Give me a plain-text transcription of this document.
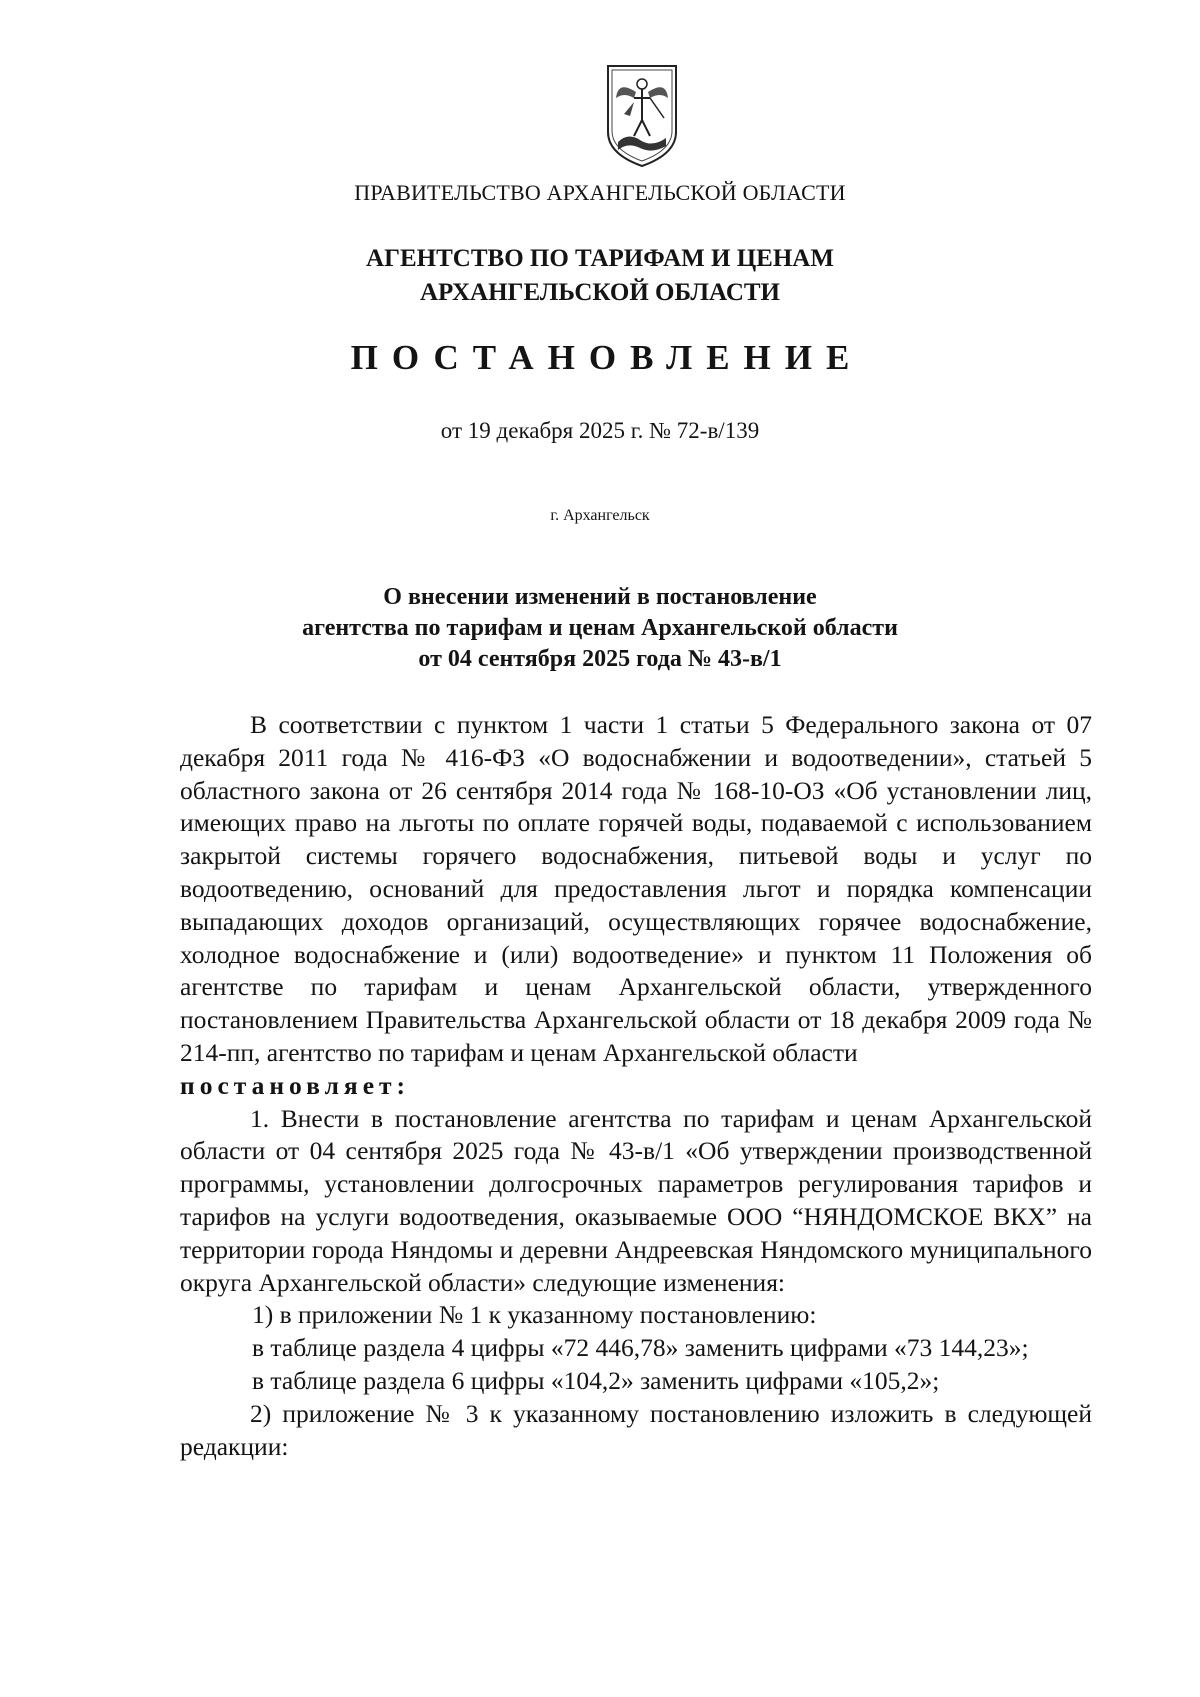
ПРАВИТЕЛЬСТВО АРХАНГЕЛЬСКОЙ ОБЛАСТИ
АГЕНТСТВО ПО ТАРИФАМ И ЦЕНАМ
АРХАНГЕЛЬСКОЙ ОБЛАСТИ
ПОСТАНОВЛЕНИЕ
от 19 декабря 2025 г. № 72-в/139
г. Архангельск
О внесении изменений в постановление
агентства по тарифам и ценам Архангельской области
от 04 сентября 2025 года № 43-в/1

В соответствии с пунктом 1 части 1 статьи 5 Федерального закона от 07 декабря 2011 года № 416-ФЗ «О водоснабжении и водоотведении», статьей 5 областного закона от 26 сентября 2014 года № 168-10-ОЗ «Об установлении лиц, имеющих право на льготы по оплате горячей воды, подаваемой с использованием закрытой системы горячего водоснабжения, питьевой воды и услуг по водоотведению, оснований для предоставления льгот и порядка компенсации выпадающих доходов организаций, осуществляющих горячее водоснабжение, холодное водоснабжение и (или) водоотведение» и пунктом 11 Положения об агентстве по тарифам и ценам Архангельской области, утвержденного постановлением Правительства Архангельской области от 18 декабря 2009 года № 214-пп, агентство по тарифам и ценам Архангельской области

постановляет:

1. Внести в постановление агентства по тарифам и ценам Архангельской области от 04 сентября 2025 года № 43-в/1 «Об утверждении производственной программы, установлении долгосрочных параметров регулирования тарифов и тарифов на услуги водоотведения, оказываемые ООО “НЯНДОМСКОЕ ВКХ” на территории города Няндомы и деревни Андреевская Няндомского муниципального округа Архангельской области» следующие изменения:

1) в приложении № 1 к указанному постановлению:

в таблице раздела 4 цифры «72 446,78» заменить цифрами «73 144,23»;

в таблице раздела 6 цифры «104,2» заменить цифрами «105,2»;

2) приложение № 3 к указанному постановлению изложить в следующей редакции:
